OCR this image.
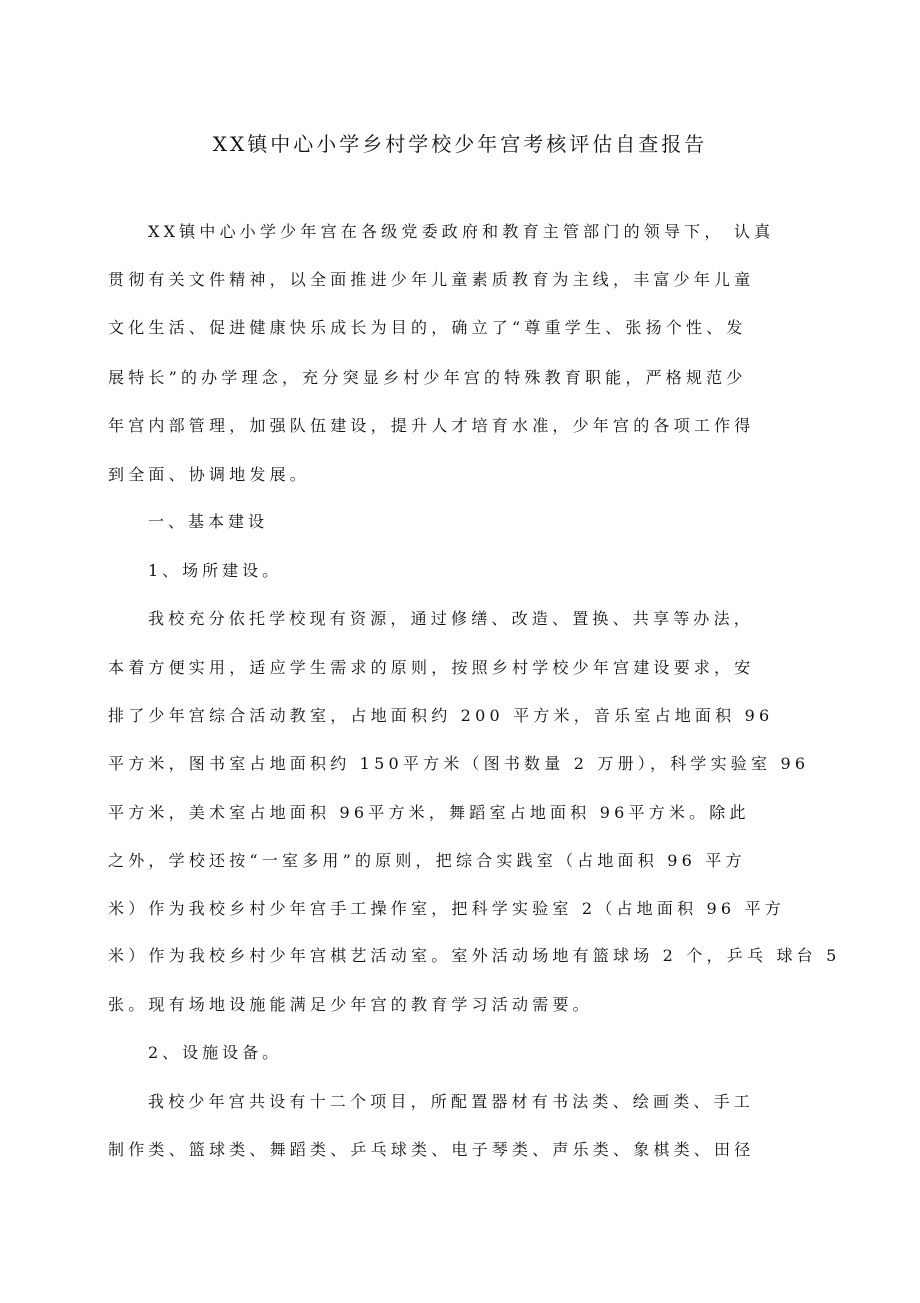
XX镇中心小学乡村学校少年宫考核评估自查报告
XX镇中心小学少年宫在各级党委政府和教育主管部门的领导下， 认真
贯彻有关文件精神，以全面推进少年儿童素质教育为主线，丰富少年儿童
文化生活、促进健康快乐成长为目的，确立了“尊重学生、张扬个性、发
展特长”的办学理念，充分突显乡村少年宫的特殊教育职能，严格规范少
年宫内部管理，加强队伍建设，提升人才培育水准，少年宫的各项工作得
到全面、协调地发展。
一、基本建设
1、场所建设。
我校充分依托学校现有资源，通过修缮、改造、置换、共享等办法，
本着方便实用，适应学生需求的原则，按照乡村学校少年宫建设要求，安
排了少年宫综合活动教室，占地面积约 200 平方米，音乐室占地面积 96
平方米，图书室占地面积约 150平方米（图书数量 2 万册），科学实验室 96
平方米，美术室占地面积 96平方米，舞蹈室占地面积 96平方米。除此
之外，学校还按“一室多用”的原则，把综合实践室（占地面积 96 平方
米）作为我校乡村少年宫手工操作室，把科学实验室 2（占地面积 96 平方
米）作为我校乡村少年宫棋艺活动室。室外活动场地有篮球场 2 个，乒乓 球台 5
张。现有场地设施能满足少年宫的教育学习活动需要。
2、设施设备。
我校少年宫共设有十二个项目，所配置器材有书法类、绘画类、手工
制作类、篮球类、舞蹈类、乒乓球类、电子琴类、声乐类、象棋类、田径
